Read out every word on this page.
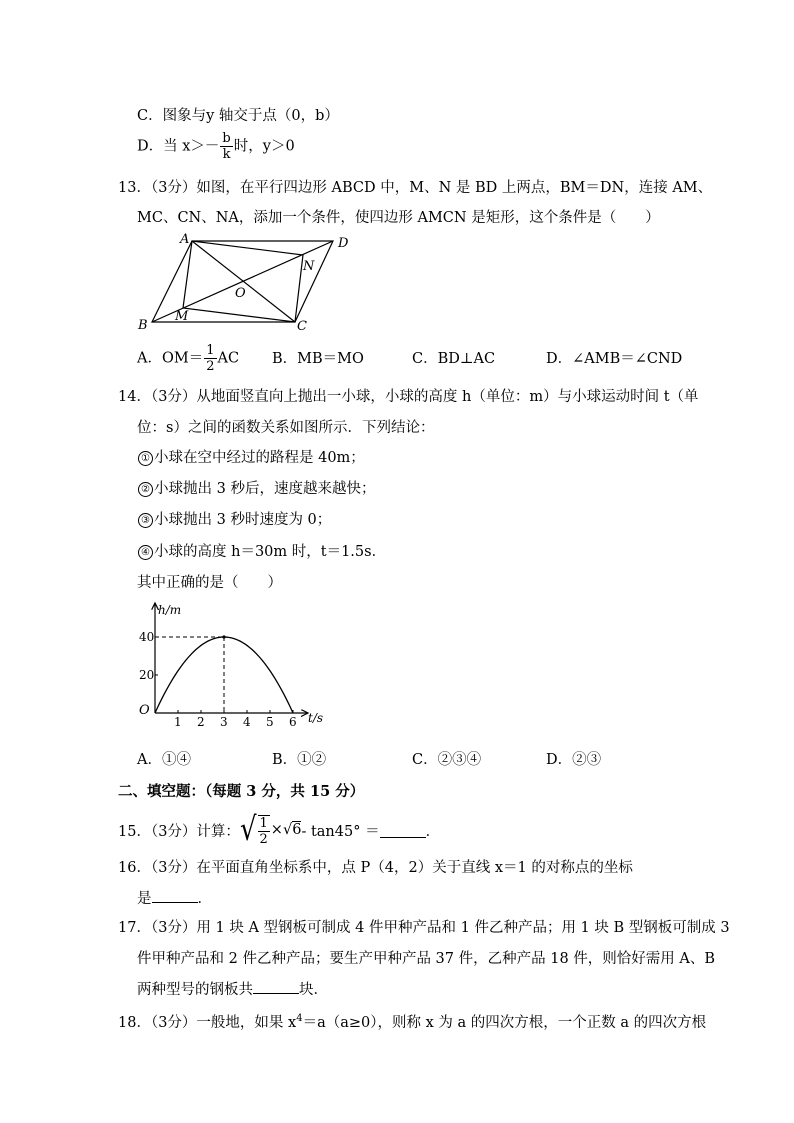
C．图象与y 轴交于点（0，b）
D．当 $x>- \frac{b}{k}$ 时，y＞0
13．（3分）如图，在平行四边形 ABCD 中，M、N 是 BD 上两点，BM＝DN，连接 AM、
MC、CN、NA，添加一个条件，使四边形 AMCN 是矩形，这个条件是（　　）
A	D
B	C
M
N
O
A．$OM= \frac{1}{2}$ AC B．MB＝MO	C．BD⊥AC	D．∠AMB＝∠CND
14．（3分）从地面竖直向上抛出一小球，小球的高度 h（单位：m）与小球运动时间 t（单
位：s）之间的函数关系如图所示．下列结论：
① 小球在空中经过的路程是 40m；
② 小球抛出 3 秒后，速度越来越快；
③ 小球抛出 3 秒时速度为 0；
④ 小球的高度 h＝30m 时，t＝1.5s．
其中正确的是（　　）
h/m
t/s
O
1 2 3 4 5 6
20
40
A．①④	B．①②	C．②③④	D．②③
二、填空题：（每题 3 分，共 15 分）
15．（3分）计算： √ $\frac{1}{2} \times √6 - \tan 45^\circ$ ＝	．
16．（3分）在平面直角坐标系中，点 P（4，2）关于直线 x＝1 的对称点的坐标
是	．
17．（3分）用 1 块 A 型钢板可制成 4 件甲种产品和 1 件乙种产品；用 1 块 B 型钢板可制成 3
件甲种产品和 2 件乙种产品；要生产甲种产品 37 件，乙种产品 18 件，则恰好需用 A、B
两种型号的钢板共	块．
18．（3分）一般地，如果 $x^4=a(a\ge 0)$，则称 x 为 a 的四次方根，一个正数 a 的四次方根
